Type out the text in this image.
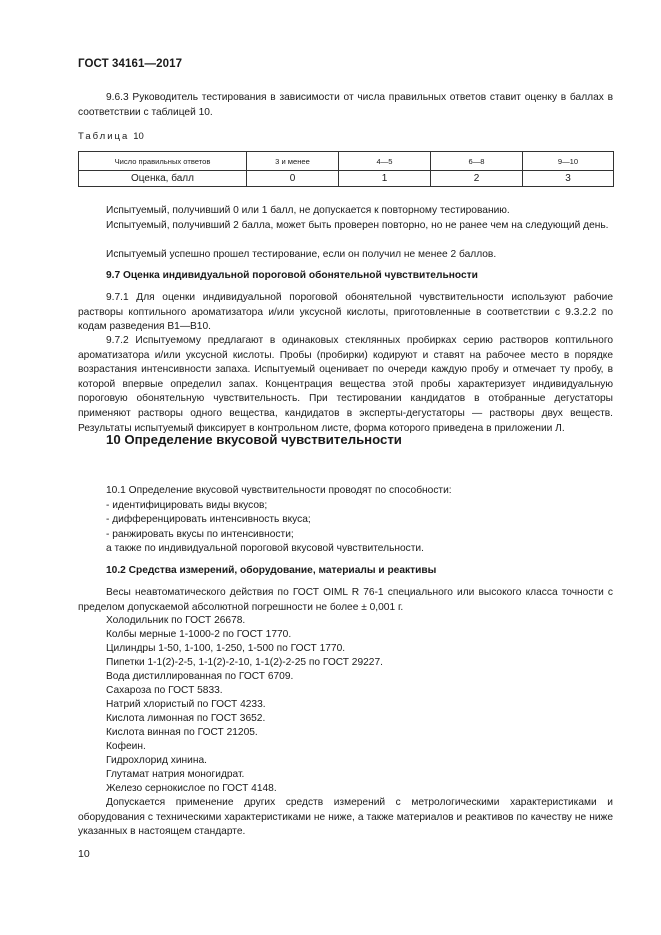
ГОСТ 34161—2017
9.6.3 Руководитель тестирования в зависимости от числа правильных ответов ставит оценку в баллах в соответствии с таблицей 10.
Таблица 10
Число правильных ответов	3 и менее	4—5	6—8	9—10
Оценка, балл	0	1	2	3
Испытуемый, получивший 0 или 1 балл, не допускается к повторному тестированию.
Испытуемый, получивший 2 балла, может быть проверен повторно, но не ранее чем на следующий день.
Испытуемый успешно прошел тестирование, если он получил не менее 2 баллов.
9.7 Оценка индивидуальной пороговой обонятельной чувствительности
9.7.1 Для оценки индивидуальной пороговой обонятельной чувствительности используют рабочие растворы коптильного ароматизатора и/или уксусной кислоты, приготовленные в соответствии с 9.3.2.2 по кодам разведения В1—В10.
9.7.2 Испытуемому предлагают в одинаковых стеклянных пробирках серию растворов коптильного ароматизатора и/или уксусной кислоты. Пробы (пробирки) кодируют и ставят на рабочее место в порядке возрастания интенсивности запаха. Испытуемый оценивает по очереди каждую пробу и отмечает ту пробу, в которой впервые определил запах. Концентрация вещества этой пробы характеризует индивидуальную пороговую обонятельную чувствительность. При тестировании кандидатов в отобранные дегустаторы применяют растворы одного вещества, кандидатов в эксперты-дегустаторы — растворы двух веществ. Результаты испытуемый фиксирует в контрольном листе, форма которого приведена в приложении Л.
10 Определение вкусовой чувствительности
10.1 Определение вкусовой чувствительности проводят по способности:
- идентифицировать виды вкусов;
- дифференцировать интенсивность вкуса;
- ранжировать вкусы по интенсивности;
а также по индивидуальной пороговой вкусовой чувствительности.
10.2 Средства измерений, оборудование, материалы и реактивы
Весы неавтоматического действия по ГОСТ OIML R 76-1 специального или высокого класса точности с пределом допускаемой абсолютной погрешности не более ± 0,001 г.
Холодильник по ГОСТ 26678.
Колбы мерные 1-1000-2 по ГОСТ 1770.
Цилиндры 1-50, 1-100, 1-250, 1-500 по ГОСТ 1770.
Пипетки 1-1(2)-2-5, 1-1(2)-2-10, 1-1(2)-2-25 по ГОСТ 29227.
Вода дистиллированная по ГОСТ 6709.
Сахароза по ГОСТ 5833.
Натрий хлористый по ГОСТ 4233.
Кислота лимонная по ГОСТ 3652.
Кислота винная по ГОСТ 21205.
Кофеин.
Гидрохлорид хинина.
Глутамат натрия моногидрат.
Железо сернокислое по ГОСТ 4148.
Допускается применение других средств измерений с метрологическими характеристиками и оборудования с техническими характеристиками не ниже, а также материалов и реактивов по качеству не ниже указанных в настоящем стандарте.
10
